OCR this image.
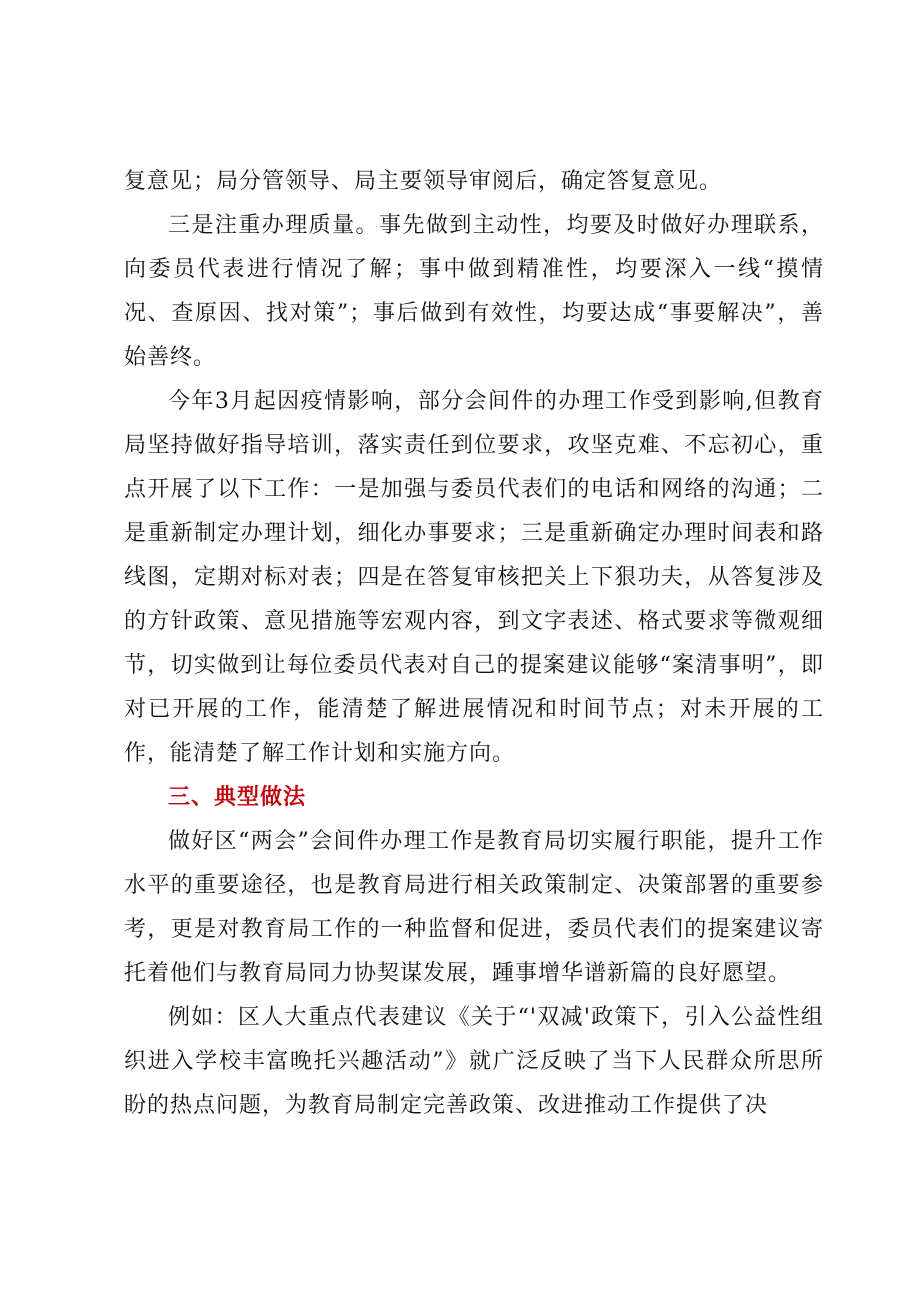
复意见；局分管领导、局主要领导审阅后，确定答复意见。

三是注重办理质量。事先做到主动性，均要及时做好办理联系，向委员代表进行情况了解；事中做到精准性，均要深入一线“摸情况、查原因、找对策”；事后做到有效性，均要达成“事要解决”，善始善终。

今年3月起因疫情影响，部分会间件的办理工作受到影响,但教育局坚持做好指导培训，落实责任到位要求，攻坚克难、不忘初心，重点开展了以下工作：一是加强与委员代表们的电话和网络的沟通；二是重新制定办理计划，细化办事要求；三是重新确定办理时间表和路线图，定期对标对表；四是在答复审核把关上下狠功夫，从答复涉及的方针政策、意见措施等宏观内容，到文字表述、格式要求等微观细节，切实做到让每位委员代表对自己的提案建议能够“案清事明”，即对已开展的工作，能清楚了解进展情况和时间节点；对未开展的工作，能清楚了解工作计划和实施方向。

三、典型做法

做好区“两会”会间件办理工作是教育局切实履行职能，提升工作水平的重要途径，也是教育局进行相关政策制定、决策部署的重要参考，更是对教育局工作的一种监督和促进，委员代表们的提案建议寄托着他们与教育局同力协契谋发展，踵事增华谱新篇的良好愿望。

例如：区人大重点代表建议《关于“'双减'政策下，引入公益性组织进入学校丰富晚托兴趣活动”》就广泛反映了当下人民群众所思所盼的热点问题，为教育局制定完善政策、改进推动工作提供了决
